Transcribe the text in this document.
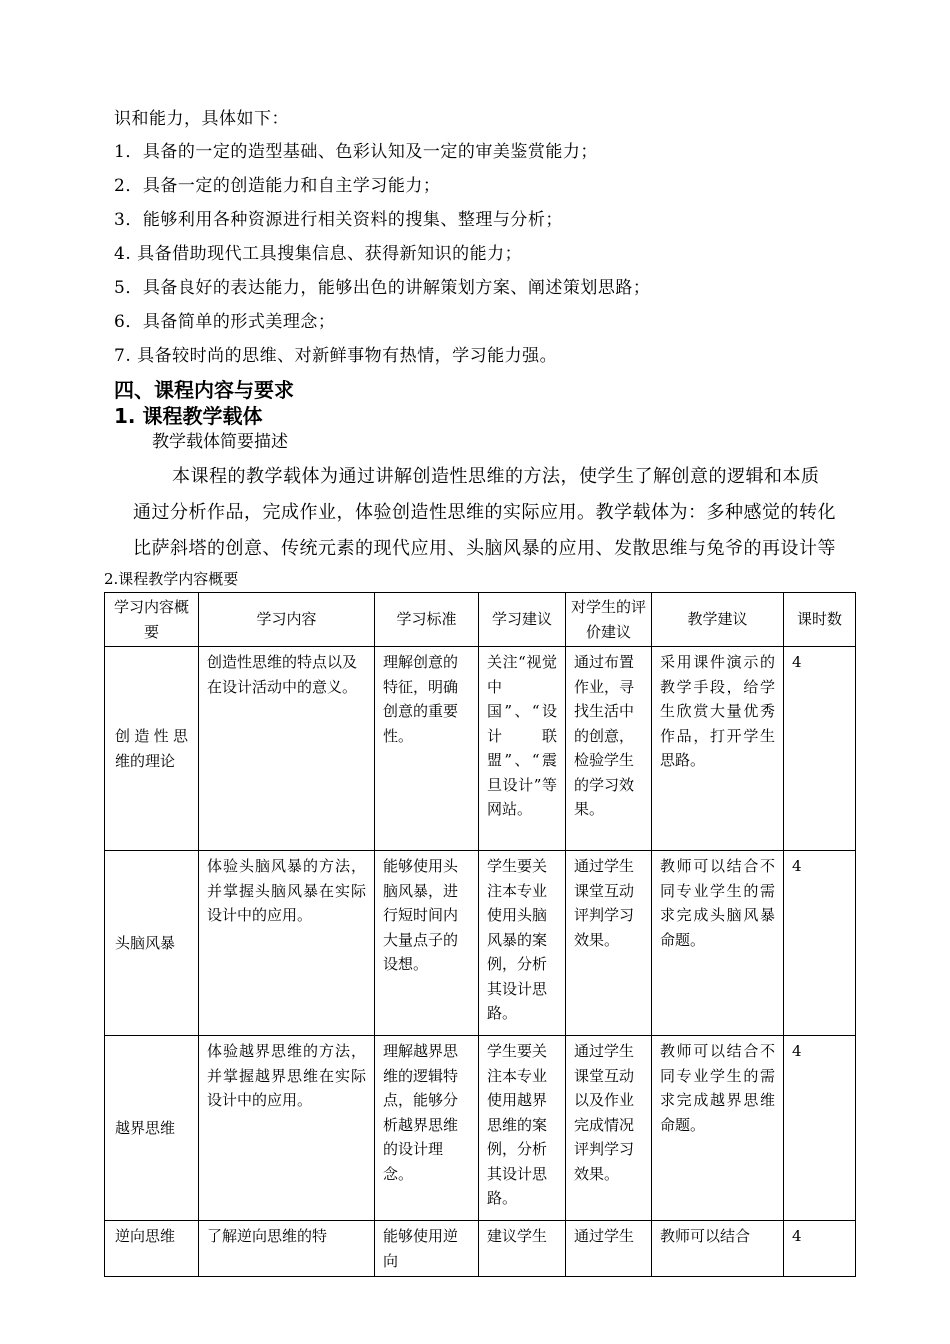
识和能力，具体如下：
1．具备的一定的造型基础、色彩认知及一定的审美鉴赏能力；
2．具备一定的创造能力和自主学习能力；
3．能够利用各种资源进行相关资料的搜集、整理与分析；
4. 具备借助现代工具搜集信息、获得新知识的能力；
5．具备良好的表达能力，能够出色的讲解策划方案、阐述策划思路；
6．具备简单的形式美理念；
7. 具备较时尚的思维、对新鲜事物有热情，学习能力强。
四、课程内容与要求
1. 课程教学载体
教学载体简要描述
本课程的教学载体为通过讲解创造性思维的方法，使学生了解创意的逻辑和本质
通过分析作品，完成作业，体验创造性思维的实际应用。教学载体为：多种感觉的转化
比萨斜塔的创意、传统元素的现代应用、头脑风暴的应用、发散思维与兔爷的再设计等
2.课程教学内容概要
学习内容概要	学习内容	学习标准	学习建议	对学生的评价建议	教学建议	课时数
创造性思维的理论	创造性思维的特点以及在设计活动中的意义。	理解创意的特征，明确创意的重要性。	关注“视觉中国”、“设计联盟”、“震旦设计”等网站。	通过布置作业，寻找生活中的创意，检验学生的学习效果。	采用课件演示的教学手段，给学生欣赏大量优秀作品，打开学生思路。	4
头脑风暴	体验头脑风暴的方法，并掌握头脑风暴在实际设计中的应用。	能够使用头脑风暴，进行短时间内大量点子的设想。	学生要关注本专业使用头脑风暴的案例，分析其设计思路。	通过学生课堂互动评判学习效果。	教师可以结合不同专业学生的需求完成头脑风暴命题。	4
越界思维	体验越界思维的方法，并掌握越界思维在实际设计中的应用。	理解越界思维的逻辑特点，能够分析越界思维的设计理念。	学生要关注本专业使用越界思维的案例，分析其设计思路。	通过学生课堂互动以及作业完成情况评判学习效果。	教师可以结合不同专业学生的需求完成越界思维命题。	4
逆向思维	了解逆向思维的特	能够使用逆向	建议学生	通过学生	教师可以结合	4
